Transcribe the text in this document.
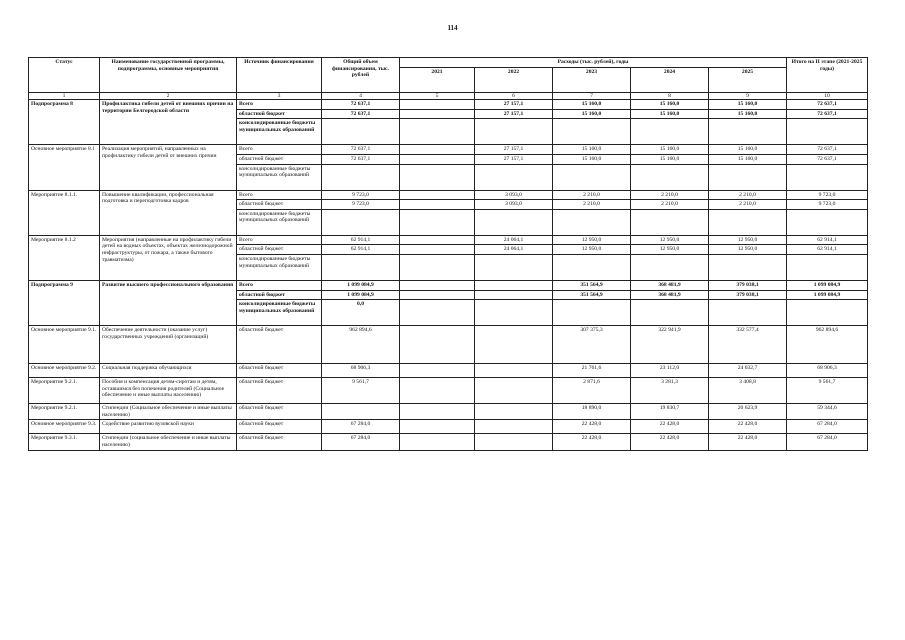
114
Статус	Наименование государственной программы, подпрограммы, основные мероприятия	Источник финансирования	Общий объем финансирования, тыс. рублей	Расходы (тыс. рублей), годы					Итого на II этапе (2021-2025 годы)
				2021	2022	2023	2024	2025	
1	2	3	4	5	6	7	8	9	10
Подпрограмма 8	Профилактика гибели детей от внешних причин на территории Белгородской области	Всего	72 637,1		27 157,1	15 160,0	15 160,0	15 160,0	72 637,1
		областной бюджет	72 637,1		27 157,1	15 160,0	15 160,0	15 160,0	72 637,1
		консолидированные бюджеты муниципальных образований							
Основное мероприятие 8.1	Реализация мероприятий, направленных на профилактику гибели детей от внешних причин	Всего	72 637,1		27 157,1	15 160,0	15 160,0	15 160,0	72 637,1
		областной бюджет	72 637,1		27 157,1	15 160,0	15 160,0	15 160,0	72 637,1
		консолидированные бюджеты муниципальных образований							
Мероприятие 8.1.1.	Повышение квалификации, профессиональная подготовка и переподготовка кадров	Всего	9 723,0		3 093,0	2 210,0	2 210,0	2 210,0	9 723,0
		областной бюджет	9 723,0		3 093,0	2 210,0	2 210,0	2 210,0	9 723,0
		консолидированные бюджеты муниципальных образований							
Мероприятие 8.1.2	Мероприятия (направленные на профилактику гибели детей на водных объектах, объектах железнодорожной инфраструктуры, от пожара, а также бытового травматизма)	Всего	62 914,1		24 064,1	12 950,0	12 950,0	12 950,0	62 914,1
		областной бюджет	62 914,1		24 064,1	12 950,0	12 950,0	12 950,0	62 914,1
		консолидированные бюджеты муниципальных образований							
Подпрограмма 9	Развитие высшего профессионального образования	Всего	1 099 084,9			351 564,9	368 481,9	379 038,1	1 099 084,9
		областной бюджет	1 099 084,9			351 564,9	368 481,9	379 038,1	1 099 084,9
		консолидированные бюджеты муниципальных образований	0,0						
Основное мероприятие 9.1.	Обеспечение деятельности (оказание услуг) государственных учреждений (организаций)	областной бюджет	962 894,6			307 375,3	322 941,9	332 577,4	962 894,6
Основное мероприятие 9.2.	Социальная поддержка обучающихся	областной бюджет	68 906,3			21 761,6	23 112,0	24 032,7	68 906,3
Мероприятие 9.2.1.	Пособия и компенсация детям-сиротам и детям, оставшимся без попечения родителей (Социальное обеспечение и иные выплаты населению)	областной бюджет	9 561,7			2 871,6	3 281,3	3 408,8	9 561,7
Мероприятие 9.2.1.	Стипендии (Социальное обеспечение и иные выплаты населению)	областной бюджет				18 890,0	19 830,7	20 623,9	59 344,6
Основное мероприятие 9.3.	Содействие развитию вузовской науки	областной бюджет	67 284,0			22 428,0	22 428,0	22 428,0	67 284,0
Мероприятие 9.3.1.	Стипендии (социальное обеспечение и иные выплаты населению)	областной бюджет	67 284,0			22 428,0	22 428,0	22 428,0	67 284,0
